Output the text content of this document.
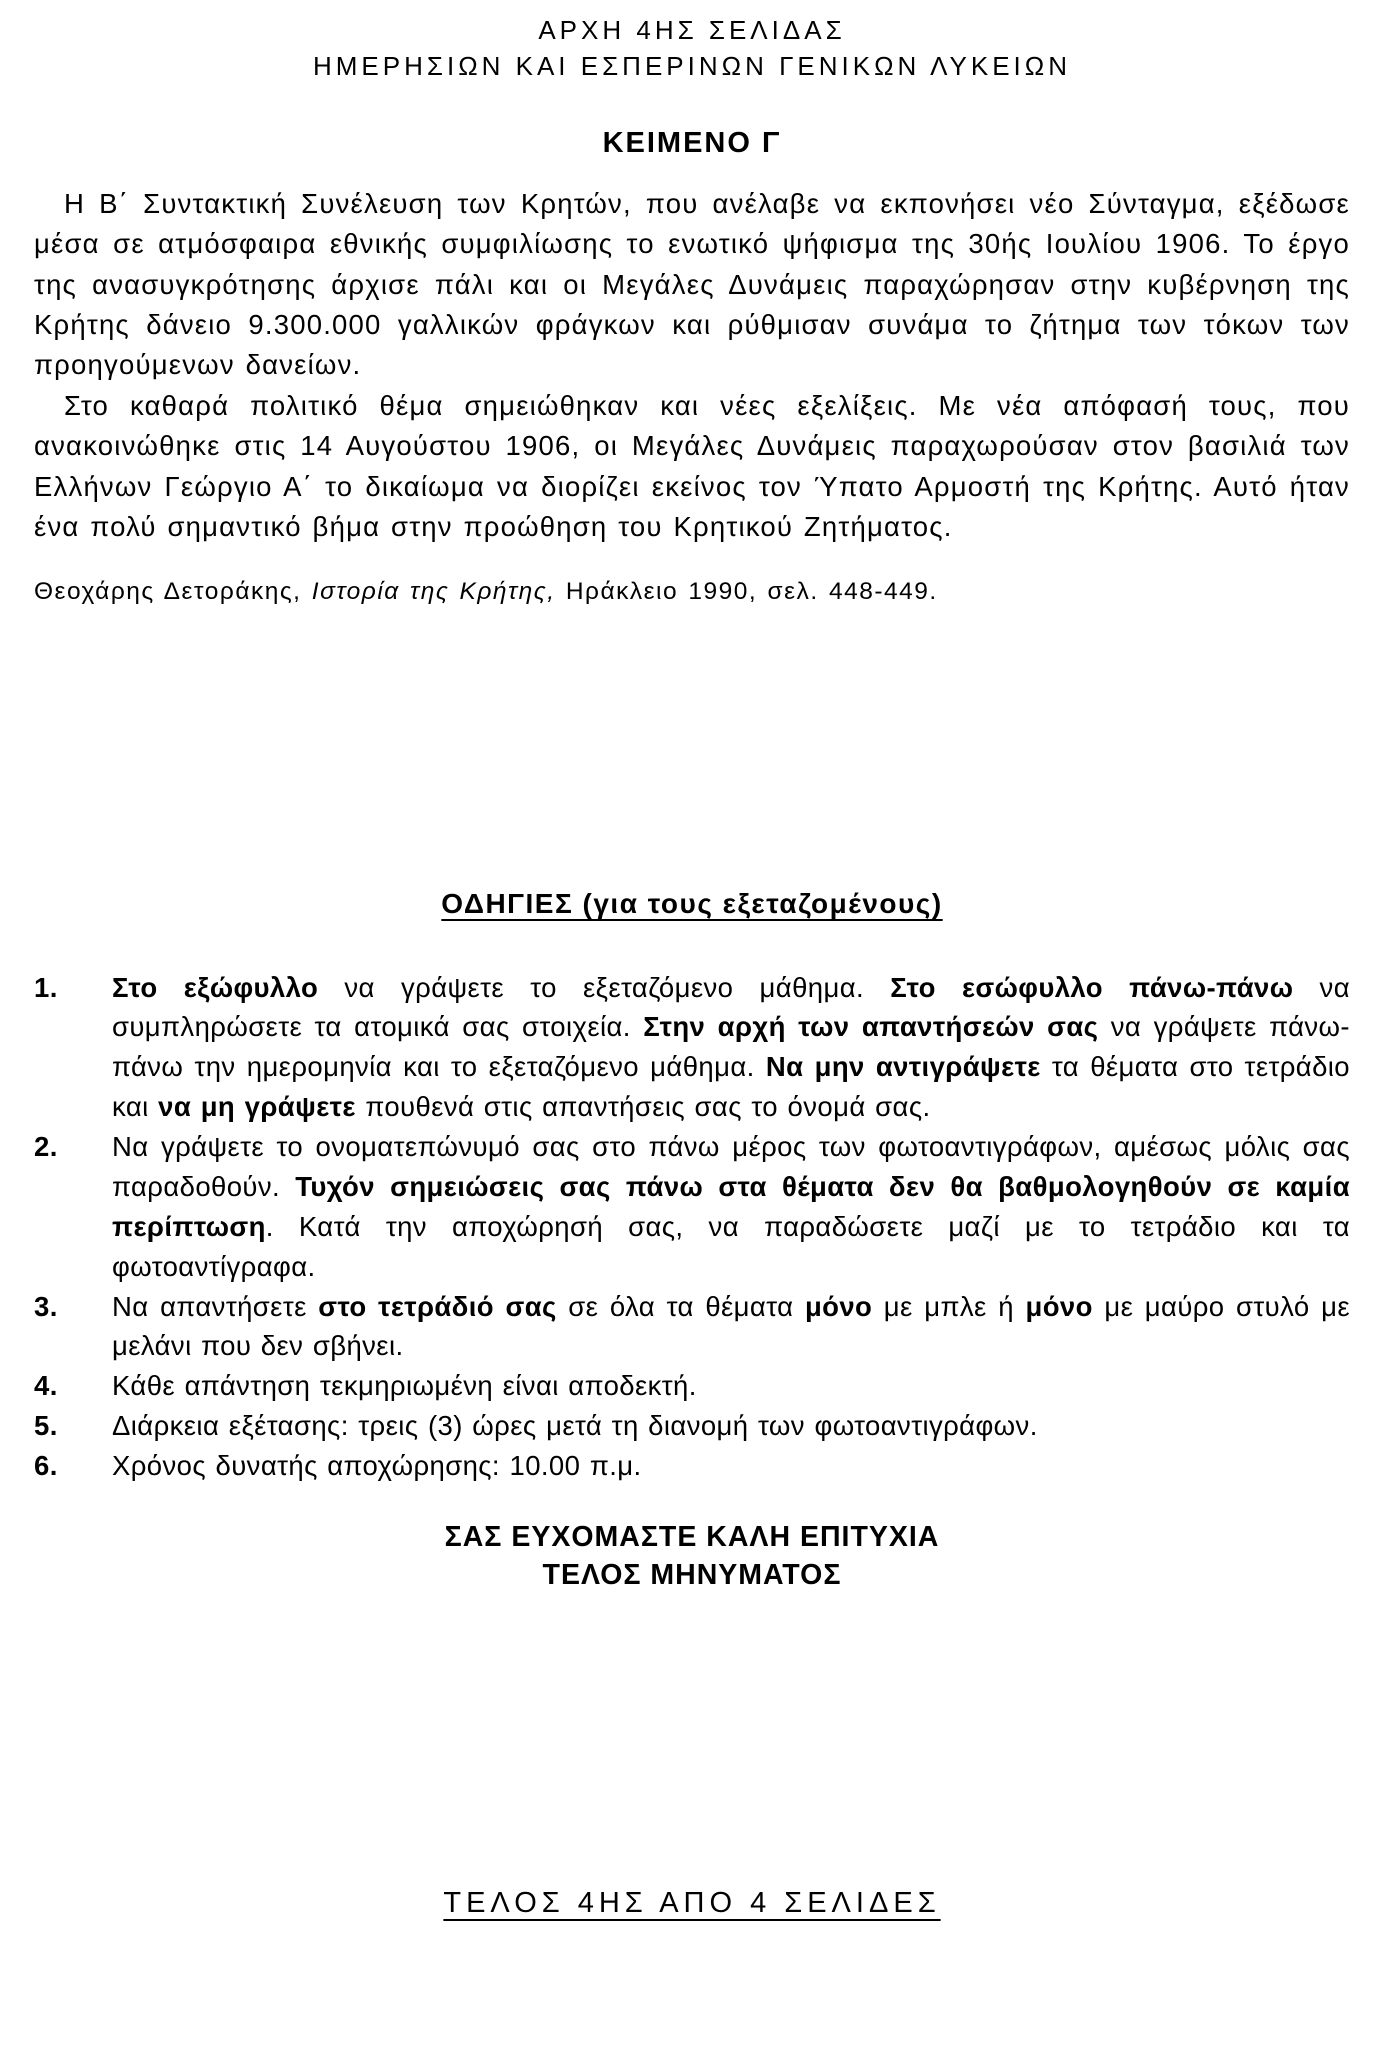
ΑΡΧΗ 4ΗΣ ΣΕΛΙΔΑΣ
ΗΜΕΡΗΣΙΩΝ ΚΑΙ ΕΣΠΕΡΙΝΩΝ ΓΕΝΙΚΩΝ ΛΥΚΕΙΩΝ
ΚΕΙΜΕΝΟ Γ

Η Β΄ Συντακτική Συνέλευση των Κρητών, που ανέλαβε να εκπονήσει νέο Σύνταγμα, εξέδωσε μέσα σε ατμόσφαιρα εθνικής συμφιλίωσης το ενωτικό ψήφισμα της 30ής Ιουλίου 1906. Το έργο της ανασυγκρότησης άρχισε πάλι και οι Μεγάλες Δυνάμεις παραχώρησαν στην κυβέρνηση της Κρήτης δάνειο 9.300.000 γαλλικών φράγκων και ρύθμισαν συνάμα το ζήτημα των τόκων των προηγούμενων δανείων.

Στο καθαρά πολιτικό θέμα σημειώθηκαν και νέες εξελίξεις. Με νέα απόφασή τους, που ανακοινώθηκε στις 14 Αυγούστου 1906, οι Μεγάλες Δυνάμεις παραχωρούσαν στον βασιλιά των Ελλήνων Γεώργιο Α΄ το δικαίωμα να διορίζει εκείνος τον Ύπατο Αρμοστή της Κρήτης. Αυτό ήταν ένα πολύ σημαντικό βήμα στην προώθηση του Κρητικού Ζητήματος.

Θεοχάρης Δετοράκης, Ιστορία της Κρήτης, Ηράκλειο 1990, σελ. 448-449.

ΟΔΗΓΙΕΣ (για τους εξεταζομένους)
1.	Στο εξώφυλλο να γράψετε το εξεταζόμενο μάθημα. Στο εσώφυλλο πάνω-πάνω να συμπληρώσετε τα ατομικά σας στοιχεία. Στην αρχή των απαντήσεών σας να γράψετε πάνω-πάνω την ημερομηνία και το εξεταζόμενο μάθημα. Να μην αντιγράψετε τα θέματα στο τετράδιο και να μη γράψετε πουθενά στις απαντήσεις σας το όνομά σας.
2.	Να γράψετε το ονοματεπώνυμό σας στο πάνω μέρος των φωτοαντιγράφων, αμέσως μόλις σας παραδοθούν. Τυχόν σημειώσεις σας πάνω στα θέματα δεν θα βαθμολογηθούν σε καμία περίπτωση. Κατά την αποχώρησή σας, να παραδώσετε μαζί με το τετράδιο και τα φωτοαντίγραφα.
3.	Να απαντήσετε στο τετράδιό σας σε όλα τα θέματα μόνο με μπλε ή μόνο με μαύρο στυλό με μελάνι που δεν σβήνει.
4.	Κάθε απάντηση τεκμηριωμένη είναι αποδεκτή.
5.	Διάρκεια εξέτασης: τρεις (3) ώρες μετά τη διανομή των φωτοαντιγράφων.
6.	Χρόνος δυνατής αποχώρησης: 10.00 π.μ.
ΣΑΣ ΕΥΧΟΜΑΣΤΕ ΚΑΛΗ ΕΠΙΤΥΧΙΑ
ΤΕΛΟΣ ΜΗΝΥΜΑΤΟΣ
ΤΕΛΟΣ 4ΗΣ ΑΠΟ 4 ΣΕΛΙΔΕΣ
